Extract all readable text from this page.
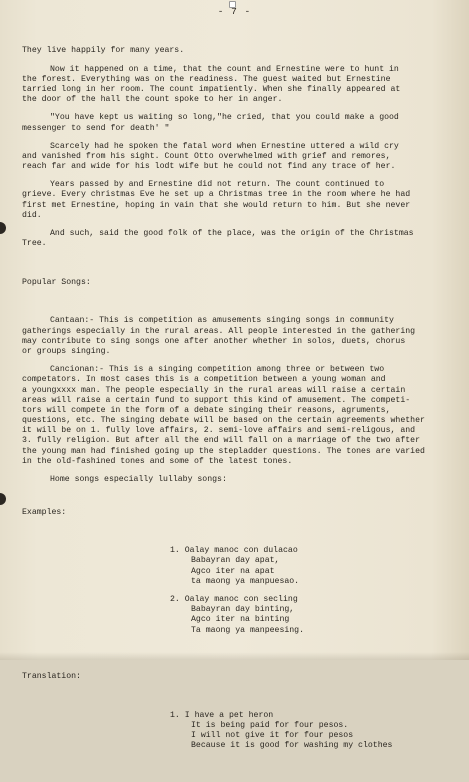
- 7 -

They live happily for many years.
Now it happened on a time, that the count and Ernestine were to hunt in
the forest. Everything was on the readiness. The guest waited but Ernestine
tarried long in her room. The count impatiently. When she finally appeared at
the door of the hall the count spoke to her in anger.
"You have kept us waiting so long,"he cried, that you could make a good
messenger to send for death' "
Scarcely had he spoken the fatal word when Ernestine uttered a wild cry
and vanished from his sight. Count Otto overwhelmed with grief and remores,
reach far and wide for his lodt wife but he could not find any trace of her.
Years passed by and Ernestine did not return. The count continued to
grieve. Every christmas Eve he set up a Christmas tree in the room where he had
first met Ernestine, hoping in vain that she would return to him. But she never
did.
And such, said the good folk of the place, was the origin of the Christmas
Tree.

Popular Songs:

Cantaan:- This is competition as amusements singing songs in community
gatherings especially in the rural areas. All people interested in the gathering
may contribute to sing songs one after another whether in solos, duets, chorus
or groups singing.
Cancionan:- This is a singing competition among three or between two
competators. In most cases this is a competition between a young woman and
a youngxxxx man. The people especially in the rural areas will raise a certain
areas will raise a certain fund to support this kind of amusement. The competi-
tors will compete in the form of a debate singing their reasons, agruments,
questions, etc. The singing debate will be based on the certain agreements whether
it will be on 1. fully love affairs, 2. semi-love affairs and semi-religous, and
3. fully religion. But after all the end will fall on a marriage of the two after
the young man had finished going up the stepladder questions. The tones are varied
in the old-fashined tones and some of the latest tones.
Home songs especially lullaby songs:

Examples:

1. Oalay manoc con dulacao
Babayran day apat,
Agco iter na apat
ta maong ya manpuesao.
2. Oalay manoc con secling
Babayran day binting,
Agco iter na binting
Ta maong ya manpeesing.

Translation:

1. I have a pet heron
It is being paid for four pesos.
I will not give it for four pesos
Because it is good for washing my clothes
